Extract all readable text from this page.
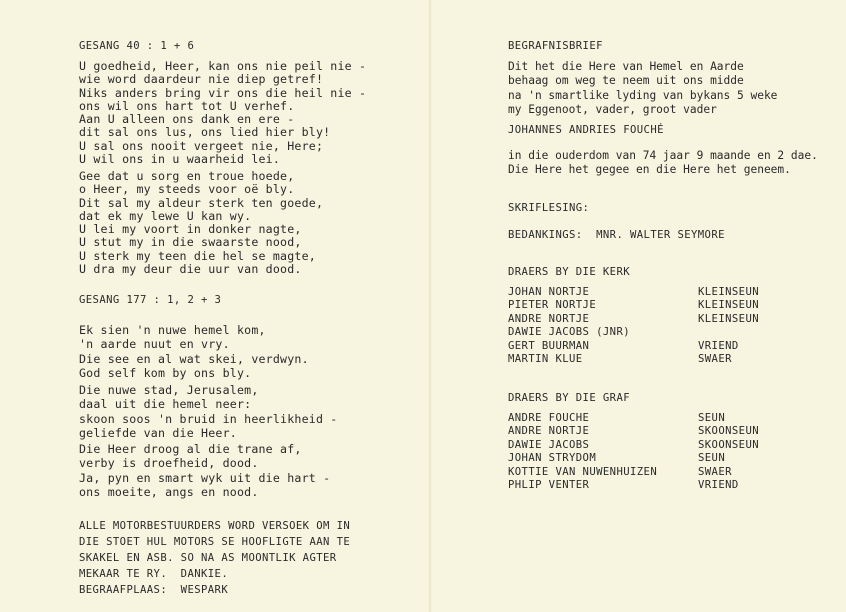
GESANG 40 : 1 + 6
U goedheid, Heer, kan ons nie peil nie -
wie word daardeur nie diep getref!
Niks anders bring vir ons die heil nie -
ons wil ons hart tot U verhef.
Aan U alleen ons dank en ere -
dit sal ons lus, ons lied hier bly!
U sal ons nooit vergeet nie, Here;
U wil ons in u waarheid lei.
Gee dat u sorg en troue hoede,
o Heer, my steeds voor oë bly.
Dit sal my aldeur sterk ten goede,
dat ek my lewe U kan wy.
U lei my voort in donker nagte,
U stut my in die swaarste nood,
U sterk my teen die hel se magte,
U dra my deur die uur van dood.
GESANG 177 : 1, 2 + 3
Ek sien 'n nuwe hemel kom,
'n aarde nuut en vry.
Die see en al wat skei, verdwyn.
God self kom by ons bly.
Die nuwe stad, Jerusalem,
daal uit die hemel neer:
skoon soos 'n bruid in heerlikheid -
geliefde van die Heer.
Die Heer droog al die trane af,
verby is droefheid, dood.
Ja, pyn en smart wyk uit die hart -
ons moeite, angs en nood.
ALLE MOTORBESTUURDERS WORD VERSOEK OM IN
DIE STOET HUL MOTORS SE HOOFLIGTE AAN TE
SKAKEL EN ASB. SO NA AS MOONTLIK AGTER
MEKAAR TE RY.  DANKIE.
BEGRAAFPLAAS:  WESPARK
BEGRAFNISBRIEF
Dit het die Here van Hemel en Aarde
behaag om weg te neem uit ons midde
na 'n smartlike lyding van bykans 5 weke
my Eggenoot, vader, groot vader
JOHANNES ANDRIES FOUCHÉ
in die ouderdom van 74 jaar 9 maande en 2 dae.
Die Here het gegee en die Here het geneem.
SKRIFLESING:
BEDANKINGS:  MNR. WALTER SEYMORE
DRAERS BY DIE KERK
JOHAN NORTJE	KLEINSEUN
PIETER NORTJE	KLEINSEUN
ANDRE NORTJE	KLEINSEUN
DAWIE JACOBS (JNR)
GERT BUURMAN	VRIEND
MARTIN KLUE	SWAER
DRAERS BY DIE GRAF
ANDRE FOUCHE	SEUN
ANDRE NORTJE	SKOONSEUN
DAWIE JACOBS	SKOONSEUN
JOHAN STRYDOM	SEUN
KOTTIE VAN NUWENHUIZEN	SWAER
PHLIP VENTER	VRIEND
